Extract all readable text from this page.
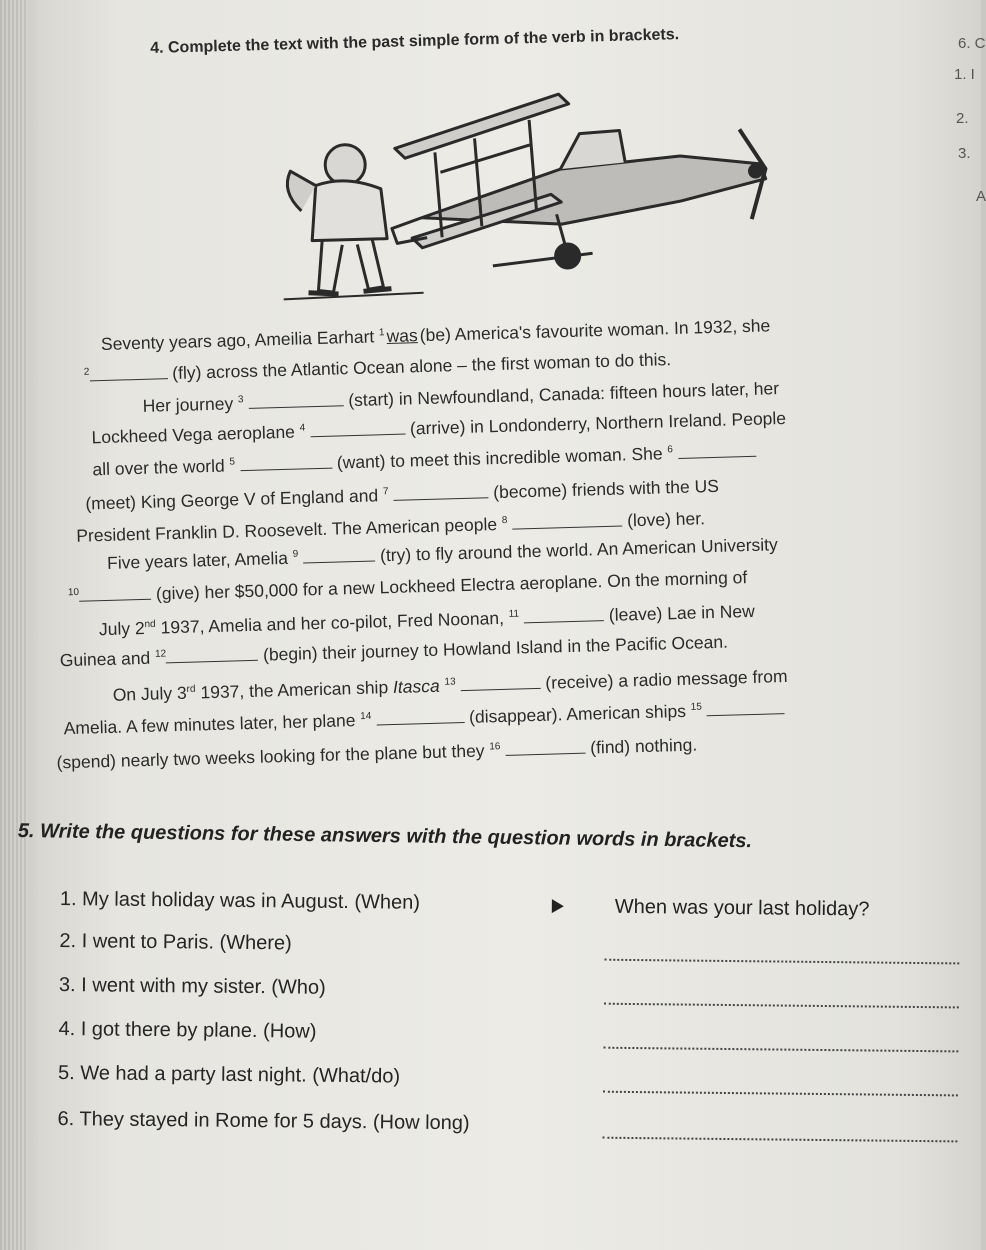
4. Complete the text with the past simple form of the verb in brackets.	6. C
1. I
2.
3.
A
Seventy years ago, Ameilia Earhart $^1$was(be) America's favourite woman. In 1932, she
$^2$	(fly) across the Atlantic Ocean alone – the first woman to do this.
Her journey $^3$	(start) in Newfoundland, Canada: fifteen hours later, her
Lockheed Vega aeroplane $^4$	(arrive) in Londonderry, Northern Ireland. People
all over the world $^5$	(want) to meet this incredible woman. She $^6$
(meet) King George V of England and $^7$	(become) friends with the US
President Franklin D. Roosevelt. The American people $^8$	(love) her.
Five years later, Amelia $^9$	(try) to fly around the world. An American University
$^{10}$	(give) her $50,000 for a new Lockheed Electra aeroplane. On the morning of
July 2nd 1937, Amelia and her co-pilot, Fred Noonan, $^{11}$	(leave) Lae in New
Guinea and $^{12}$	(begin) their journey to Howland Island in the Pacific Ocean.
On July 3rd 1937, the American ship Itasca $^{13}$	(receive) a radio message from
Amelia. A few minutes later, her plane $^{14}$	(disappear). American ships $^{15}$
(spend) nearly two weeks looking for the plane but they $^{16}$	(find) nothing.
5. Write the questions for these answers with the question words in brackets.
1. My last holiday was in August. (When)	When was your last holiday?
2. I went to Paris. (Where)
3. I went with my sister. (Who)
4. I got there by plane. (How)
5. We had a party last night. (What/do)
6. They stayed in Rome for 5 days. (How long)
